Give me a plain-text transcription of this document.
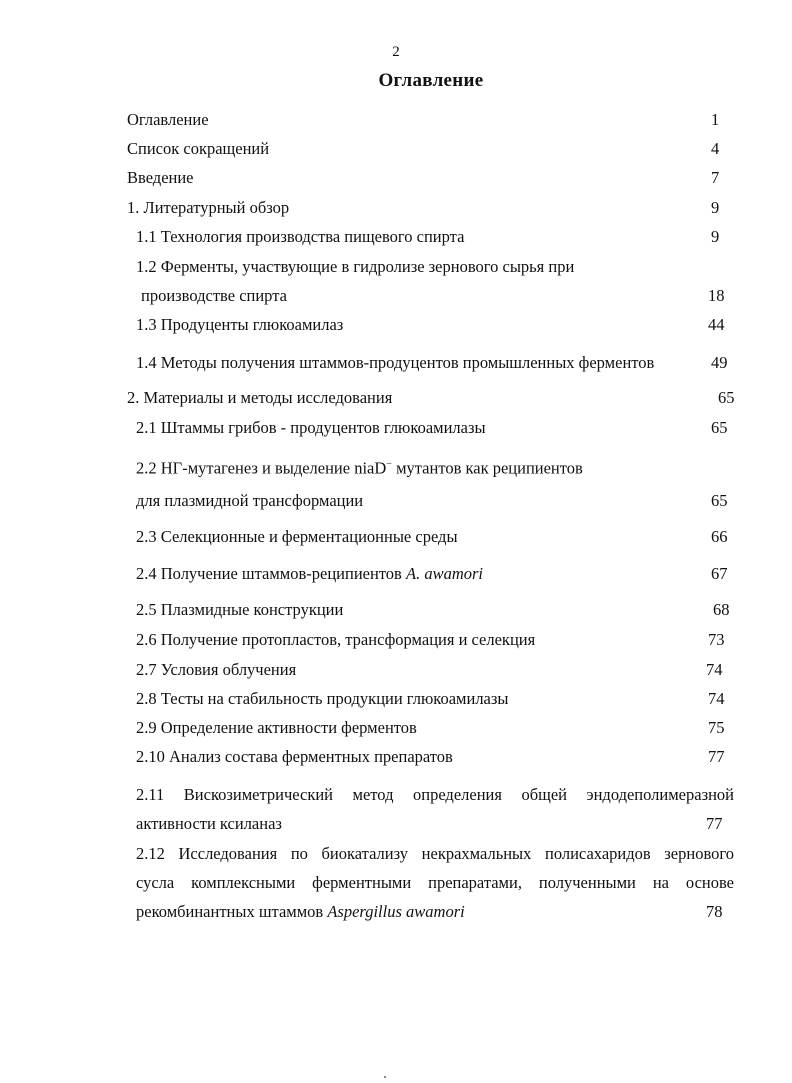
2
Оглавление
Оглавление	1
Список сокращений	4
Введение	7
1. Литературный обзор	9
1.1 Технология производства пищевого спирта	9
1.2 Ферменты, участвующие в гидролизе зернового сырья при
производстве спирта	18
1.3 Продуценты глюкоамилаз	44
1.4 Методы получения штаммов-продуцентов промышленных ферментов	49
2. Материалы и методы исследования	65
2.1 Штаммы грибов - продуцентов глюкоамилазы	65
2.2 НГ-мутагенез и выделение niaD− мутантов как реципиентов
для плазмидной трансформации	65
2.3 Селекционные и ферментационные среды	66
2.4 Получение штаммов-реципиентов A. awamori	67
2.5 Плазмидные конструкции	68
2.6 Получение протопластов, трансформация и селекция	73
2.7 Условия облучения	74
2.8 Тесты на стабильность продукции глюкоамилазы	74
2.9 Определение активности ферментов	75
2.10 Анализ состава ферментных препаратов	77
2.11 Вискозиметрический метод определения общей эндодеполимеразной
активности ксиланаз	77
2.12 Исследования по биокатализу некрахмальных полисахаридов зернового
сусла комплексными ферментными препаратами, полученными на основе
рекомбинантных штаммов Aspergillus awamori	78
